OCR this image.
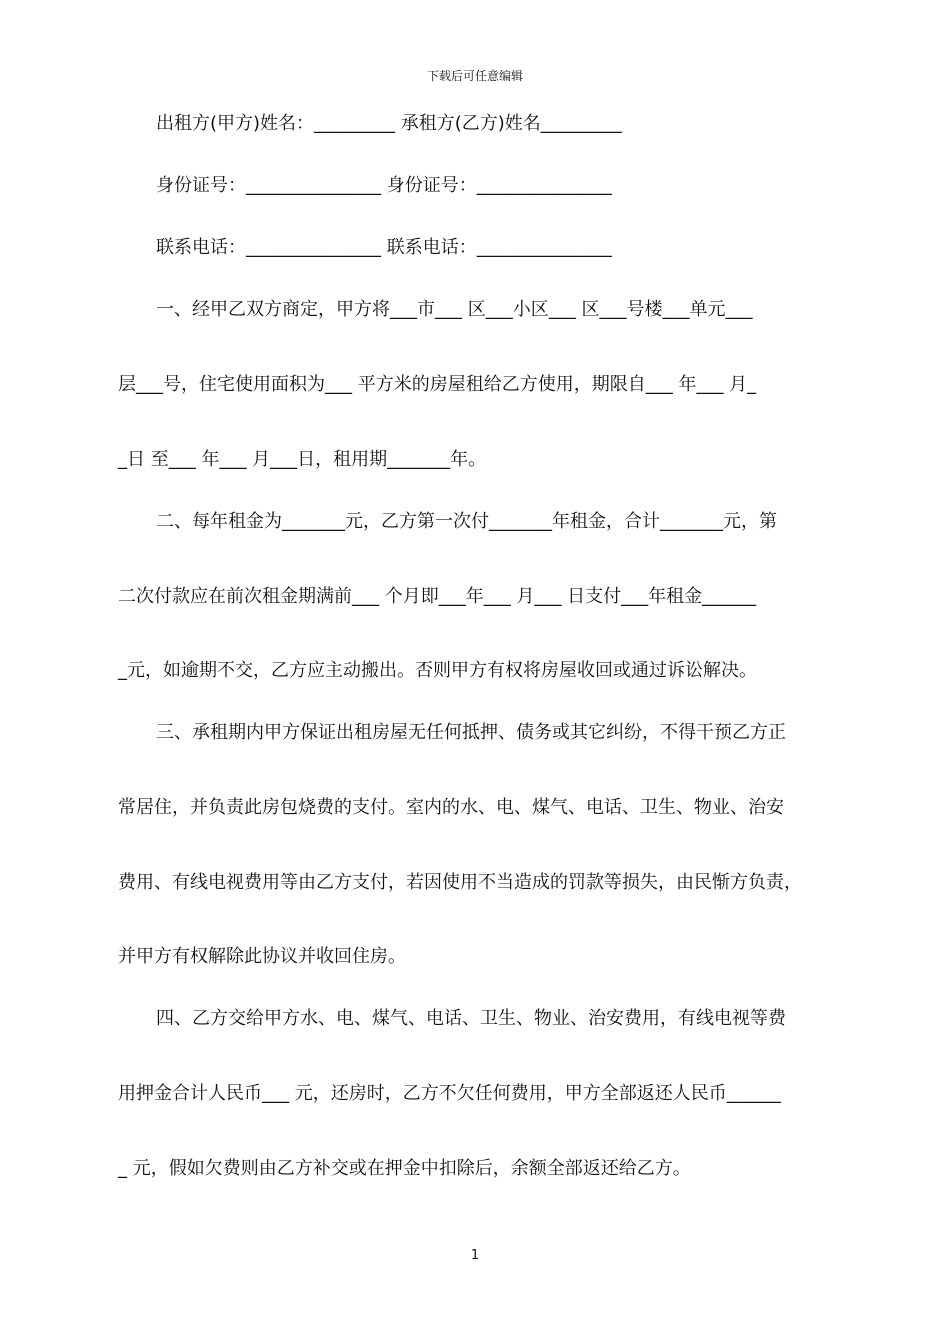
下载后可任意编辑
出租方(甲方)姓名：_________ 承租方(乙方)姓名_________
身份证号：_______________ 身份证号：_______________
联系电话：_______________ 联系电话：_______________
一、经甲乙双方商定，甲方将___市___ 区___小区___ 区___号楼___单元___
层___号，住宅使用面积为___ 平方米的房屋租给乙方使用，期限自___ 年___ 月_
_日 至___ 年___ 月___日，租用期_______年。
二、每年租金为_______元，乙方第一次付_______年租金，合计_______元，第
二次付款应在前次租金期满前___ 个月即___年___ 月___ 日支付___年租金______
_元，如逾期不交，乙方应主动搬出。否则甲方有权将房屋收回或通过诉讼解决。
三、承租期内甲方保证出租房屋无任何抵押、债务或其它纠纷，不得干预乙方正
常居住，并负责此房包烧费的支付。室内的水、电、煤气、电话、卫生、物业、治安
费用、有线电视费用等由乙方支付，若因使用不当造成的罚款等损失，由民惭方负责，
并甲方有权解除此协议并收回住房。
四、乙方交给甲方水、电、煤气、电话、卫生、物业、治安费用，有线电视等费
用押金合计人民币___ 元，还房时，乙方不欠任何费用，甲方全部返还人民币______
_ 元，假如欠费则由乙方补交或在押金中扣除后，余额全部返还给乙方。
1
